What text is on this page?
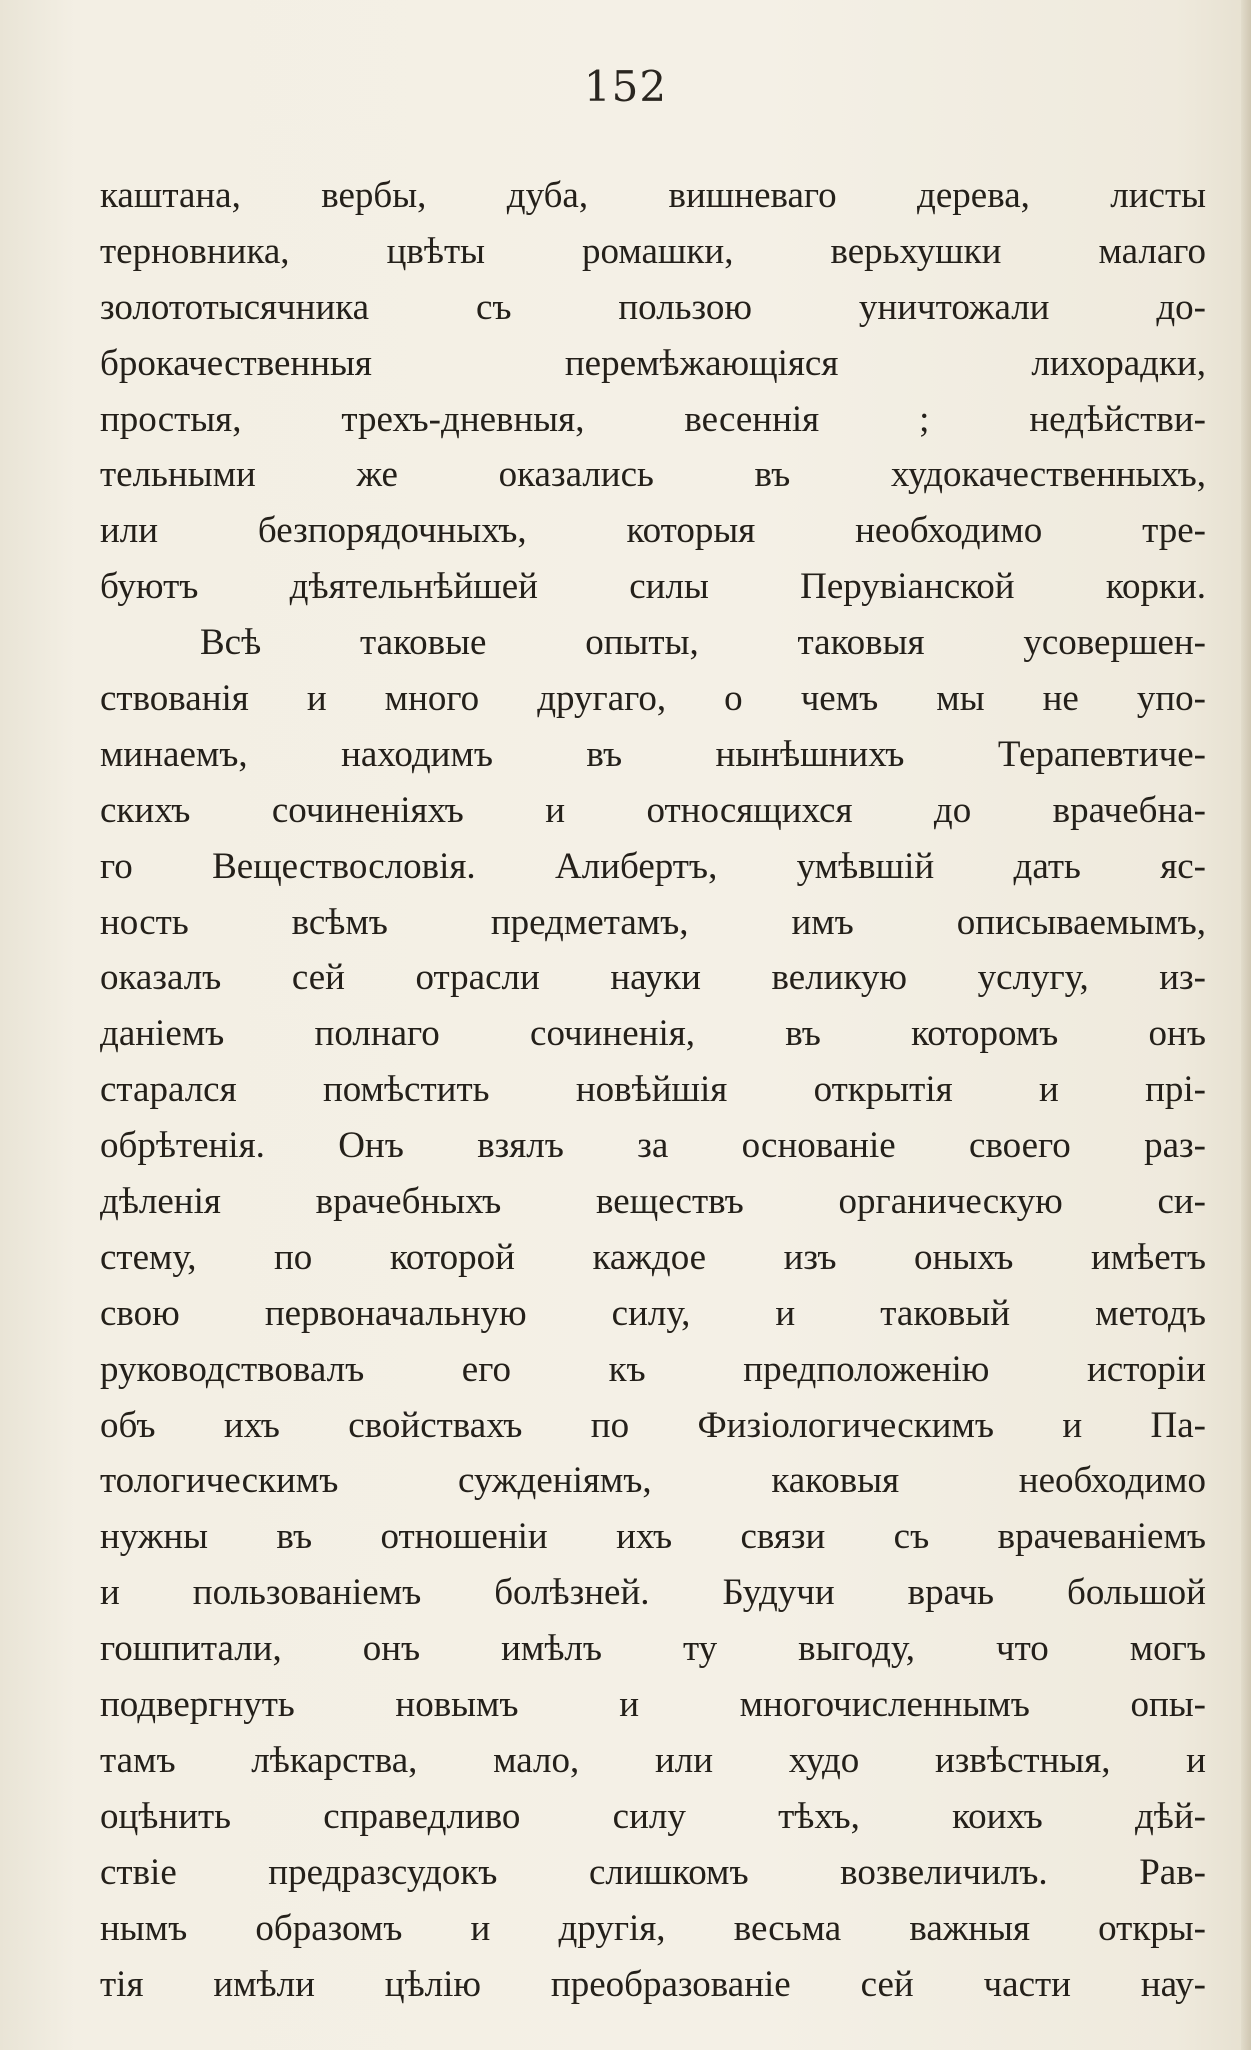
152
каштана, вербы, дуба, вишневаго дерева, листы
терновника, цвѣты ромашки, верьхушки малаго
золототысячника съ пользою уничтожали до-
брокачественныя перемѣжающіяся лихорадки,
простыя, трехъ-дневныя, весеннія ; недѣйстви-
тельными же оказались въ худокачественныхъ,
или безпорядочныхъ, которыя необходимо тре-
буютъ дѣятельнѣйшей силы Перувіанской корки.
Всѣ таковые опыты, таковыя усовершен-
ствованія и много другаго, о чемъ мы не упо-
минаемъ, находимъ въ нынѣшнихъ Терапевтиче-
скихъ сочиненіяхъ и относящихся до врачебна-
го Веществословія. Алибертъ, умѣвшій дать яс-
ность всѣмъ предметамъ, имъ описываемымъ,
оказалъ сей отрасли науки великую услугу, из-
даніемъ полнаго сочиненія, въ которомъ онъ
старался помѣстить новѣйшія открытія и прі-
обрѣтенія. Онъ взялъ за основаніе своего раз-
дѣленія врачебныхъ веществъ органическую си-
стему, по которой каждое изъ оныхъ имѣетъ
свою первоначальную силу, и таковый методъ
руководствовалъ его къ предположенію исторіи
объ ихъ свойствахъ по Физіологическимъ и Па-
тологическимъ сужденіямъ, каковыя необходимо
нужны въ отношеніи ихъ связи съ врачеваніемъ
и пользованіемъ болѣзней. Будучи врачь большой
гошпитали, онъ имѣлъ ту выгоду, что могъ
подвергнуть новымъ и многочисленнымъ опы-
тамъ лѣкарства, мало, или худо извѣстныя, и
оцѣнить справедливо силу тѣхъ, коихъ дѣй-
ствіе предразсудокъ слишкомъ возвеличилъ. Рав-
нымъ образомъ и другія, весьма важныя откры-
тія имѣли цѣлію преобразованіе сей части нау-
